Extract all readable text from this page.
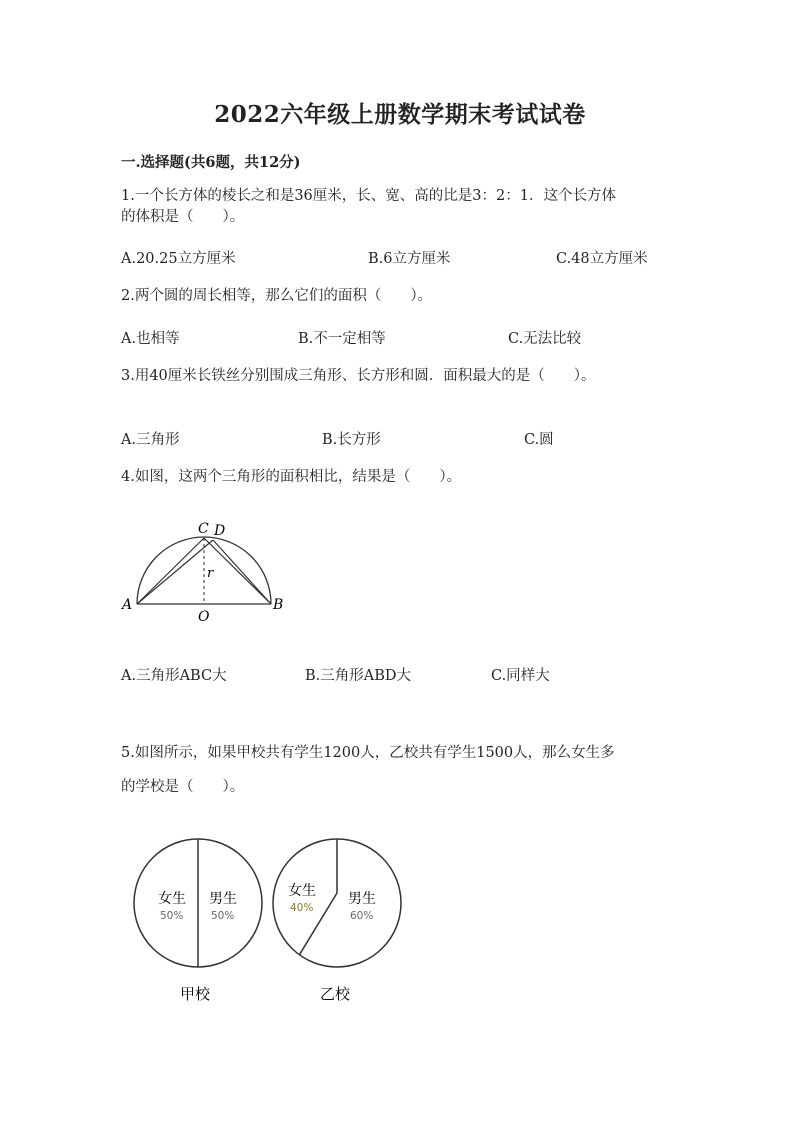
2022六年级上册数学期末考试试卷
一.选择题(共6题，共12分)
1.一个长方体的棱长之和是36厘米，长、宽、高的比是3：2：1．这个长方体
的体积是（　　）。
A.20.25立方厘米	B.6立方厘米	C.48立方厘米
2.两个圆的周长相等，那么它们的面积（　　）。
A.也相等	B.不一定相等	C.无法比较
3.用40厘米长铁丝分别围成三角形、长方形和圆．面积最大的是（　　）。
A.三角形	B.长方形	C.圆
4.如图，这两个三角形的面积相比，结果是（　　）。
C D
A	B
O
r
A.三角形ABC大	B.三角形ABD大	C.同样大
5.如图所示，如果甲校共有学生1200人，乙校共有学生1500人，那么女生多
的学校是（　　）。
女生
50%
男生
50%
甲校
女生
40%
男生
60%
乙校
